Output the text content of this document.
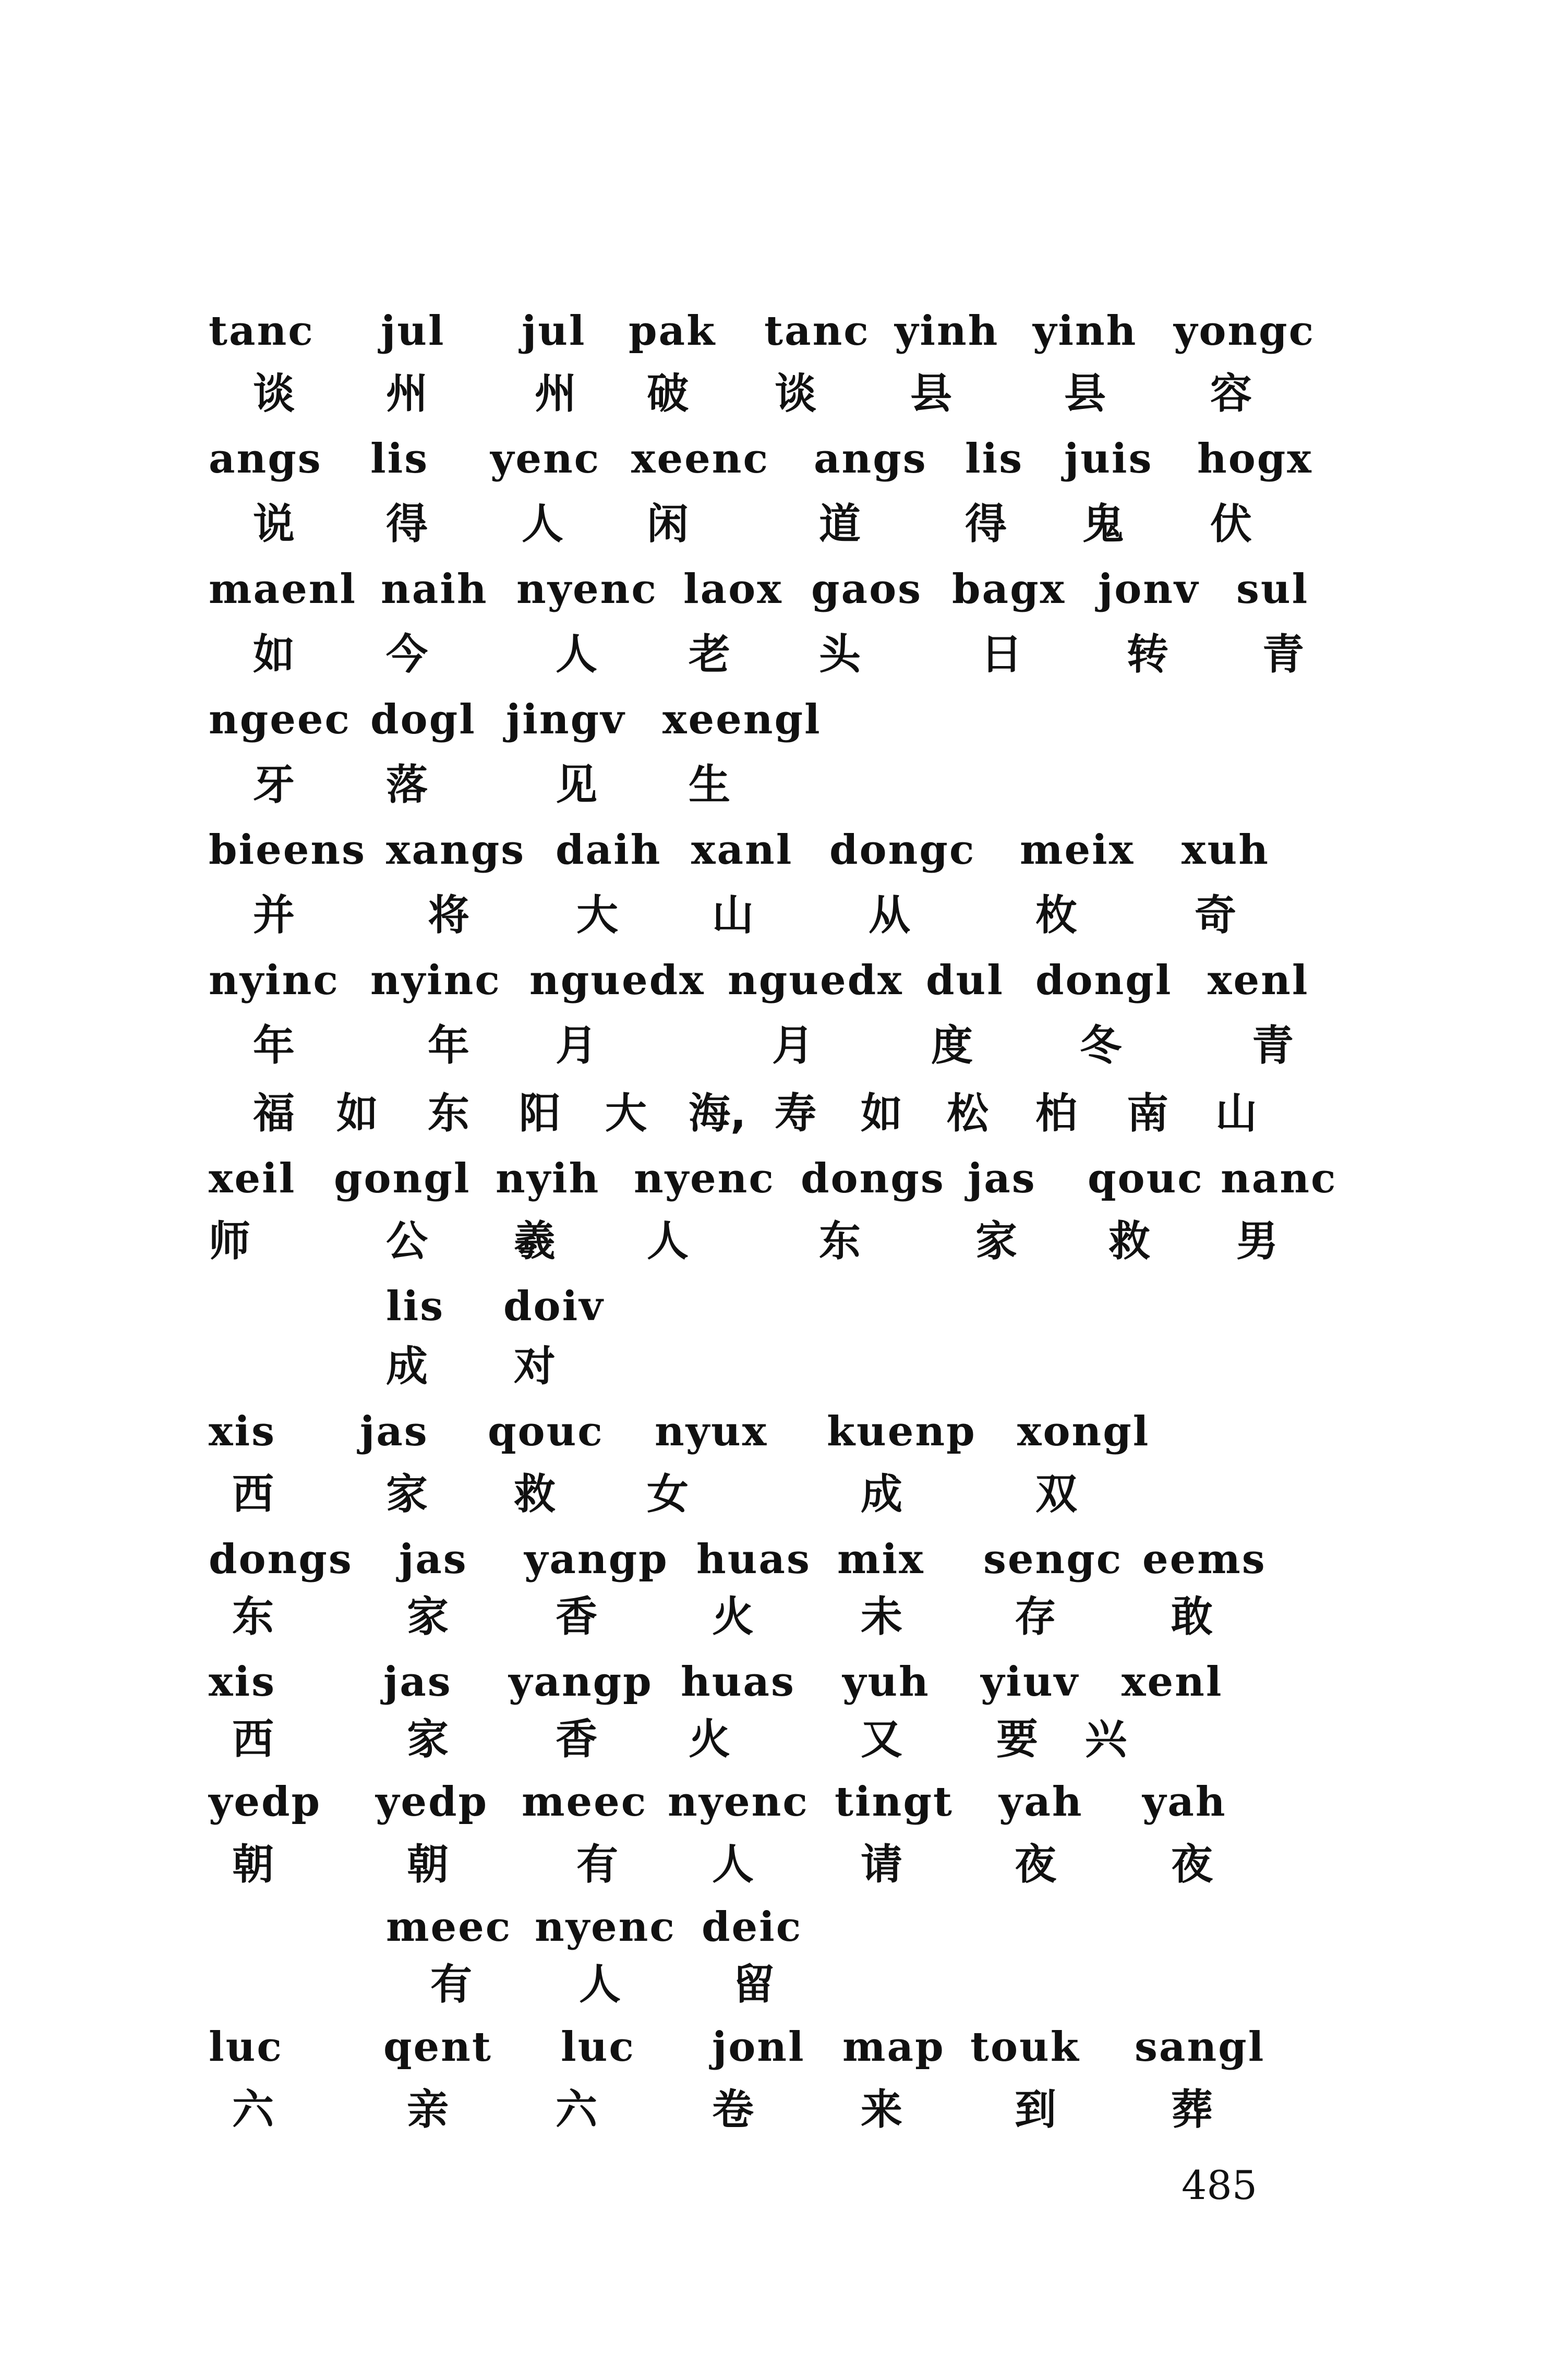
485
tanc jul jul pak tanc yinh yinh yongc
谈 州	州 破 谈 县	县	容
angs lis yenc xeenc angs lis juis hogx
说 得 人 闲	道	得 鬼 伏
maenl naih nyenc laox gaos bagx jonv sul
如 今	人 老 头	日	转 青
ngeec dogl jingv xeengl
牙 落	见 生
bieens xangs daih xanl dongc meix xuh
并	将	大 山	从	枚	奇
nyinc nyinc nguedx nguedx dul dongl xenl
年	年 月	月	度	冬	青
福 如 东 阳 大 海, 寿 如 松 柏 南 山
xeil gongl nyih nyenc dongs jas qouc nanc
师	公 羲 人	东	家 救 男
lis doiv
成 对
xis jas qouc nyux kuenp xongl
西	家 救 女	成	双
dongs jas yangp huas mix sengc eems
东	家	香	火	未	存	敢
xis	jas yangp huas yuh yiuv xenl
西	家	香 火	又 要 兴
yedp yedp meec nyenc tingt yah yah
朝	朝	有 人	请	夜	夜
meec nyenc deic
有	人	留
luc qent luc jonl map touk sangl
六	亲	六	卷	来	到	葬
